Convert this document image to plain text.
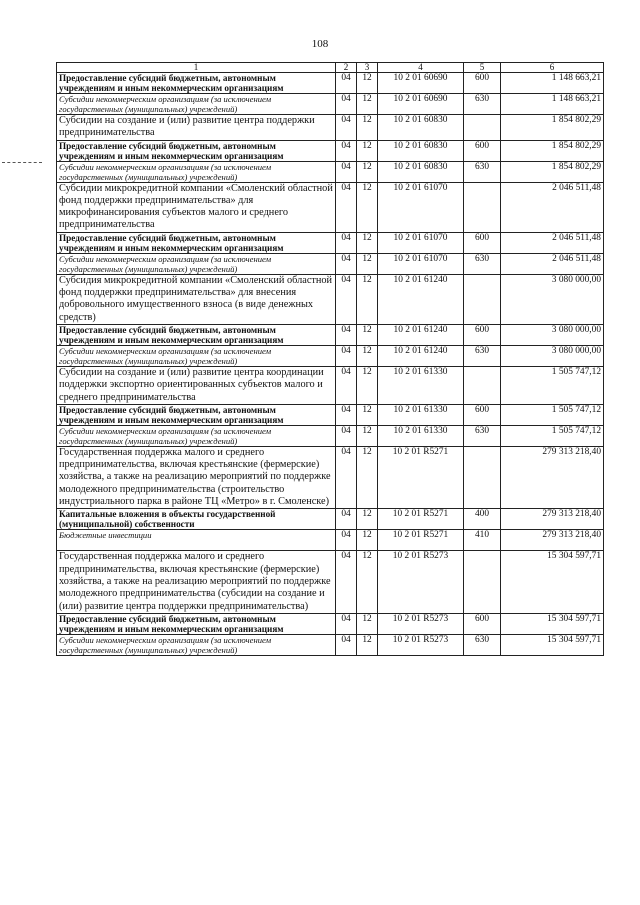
108
1	2	3	4	5	6
Предоставление субсидий бюджетным, автономным учреждениям и иным некоммерческим организациям	04	12	10 2 01 60690	600	1 148 663,21
Субсидии некоммерческим организациям (за исключением государственных (муниципальных) учреждений)	04	12	10 2 01 60690	630	1 148 663,21
Субсидии на создание и (или) развитие центра поддержки предпринимательства	04	12	10 2 01 60830		1 854 802,29
Предоставление субсидий бюджетным, автономным учреждениям и иным некоммерческим организациям	04	12	10 2 01 60830	600	1 854 802,29
Субсидии некоммерческим организациям (за исключением государственных (муниципальных) учреждений)	04	12	10 2 01 60830	630	1 854 802,29
Субсидии микрокредитной компании «Смоленский областной фонд поддержки предпринимательства» для микрофинансирования субъектов малого и среднего предпринимательства	04	12	10 2 01 61070		2 046 511,48
Предоставление субсидий бюджетным, автономным учреждениям и иным некоммерческим организациям	04	12	10 2 01 61070	600	2 046 511,48
Субсидии некоммерческим организациям (за исключением государственных (муниципальных) учреждений)	04	12	10 2 01 61070	630	2 046 511,48
Субсидия микрокредитной компании «Смоленский областной фонд поддержки предпринимательства» для внесения добровольного имущественного взноса (в виде денежных средств)	04	12	10 2 01 61240		3 080 000,00
Предоставление субсидий бюджетным, автономным учреждениям и иным некоммерческим организациям	04	12	10 2 01 61240	600	3 080 000,00
Субсидии некоммерческим организациям (за исключением государственных (муниципальных) учреждений)	04	12	10 2 01 61240	630	3 080 000,00
Субсидии на создание и (или) развитие центра координации поддержки экспортно ориентированных субъектов малого и среднего предпринимательства	04	12	10 2 01 61330		1 505 747,12
Предоставление субсидий бюджетным, автономным учреждениям и иным некоммерческим организациям	04	12	10 2 01 61330	600	1 505 747,12
Субсидии некоммерческим организациям (за исключением государственных (муниципальных) учреждений)	04	12	10 2 01 61330	630	1 505 747,12
Государственная поддержка малого и среднего предпринимательства, включая крестьянские (фермерские) хозяйства, а также на реализацию мероприятий по поддержке молодежного предпринимательства (строительство индустриального парка в районе ТЦ «Метро» в г. Смоленске)	04	12	10 2 01 R5271		279 313 218,40
Капитальные вложения в объекты государственной (муниципальной) собственности	04	12	10 2 01 R5271	400	279 313 218,40
Бюджетные инвестиции	04	12	10 2 01 R5271	410	279 313 218,40
Государственная поддержка малого и среднего предпринимательства, включая крестьянские (фермерские) хозяйства, а также на реализацию мероприятий по поддержке молодежного предпринимательства (субсидии на создание и (или) развитие центра поддержки предпринимательства)	04	12	10 2 01 R5273		15 304 597,71
Предоставление субсидий бюджетным, автономным учреждениям и иным некоммерческим организациям	04	12	10 2 01 R5273	600	15 304 597,71
Субсидии некоммерческим организациям (за исключением государственных (муниципальных) учреждений)	04	12	10 2 01 R5273	630	15 304 597,71
